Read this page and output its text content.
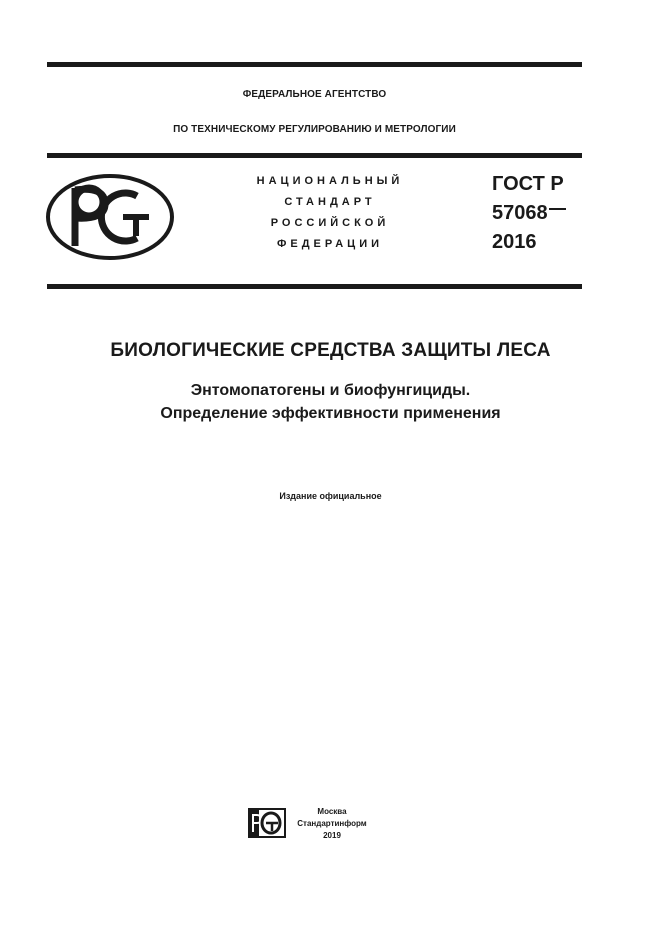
ФЕДЕРАЛЬНОЕ АГЕНТСТВО
ПО ТЕХНИЧЕСКОМУ РЕГУЛИРОВАНИЮ И МЕТРОЛОГИИ
НАЦИОНАЛЬНЫЙ
СТАНДАРТ
РОССИЙСКОЙ
ФЕДЕРАЦИИ
ГОСТ Р
57068
2016
БИОЛОГИЧЕСКИЕ СРЕДСТВА ЗАЩИТЫ ЛЕСА
Энтомопатогены и биофунгициды.
Определение эффективности применения
Издание официальное
Москва
Стандартинформ
2019
